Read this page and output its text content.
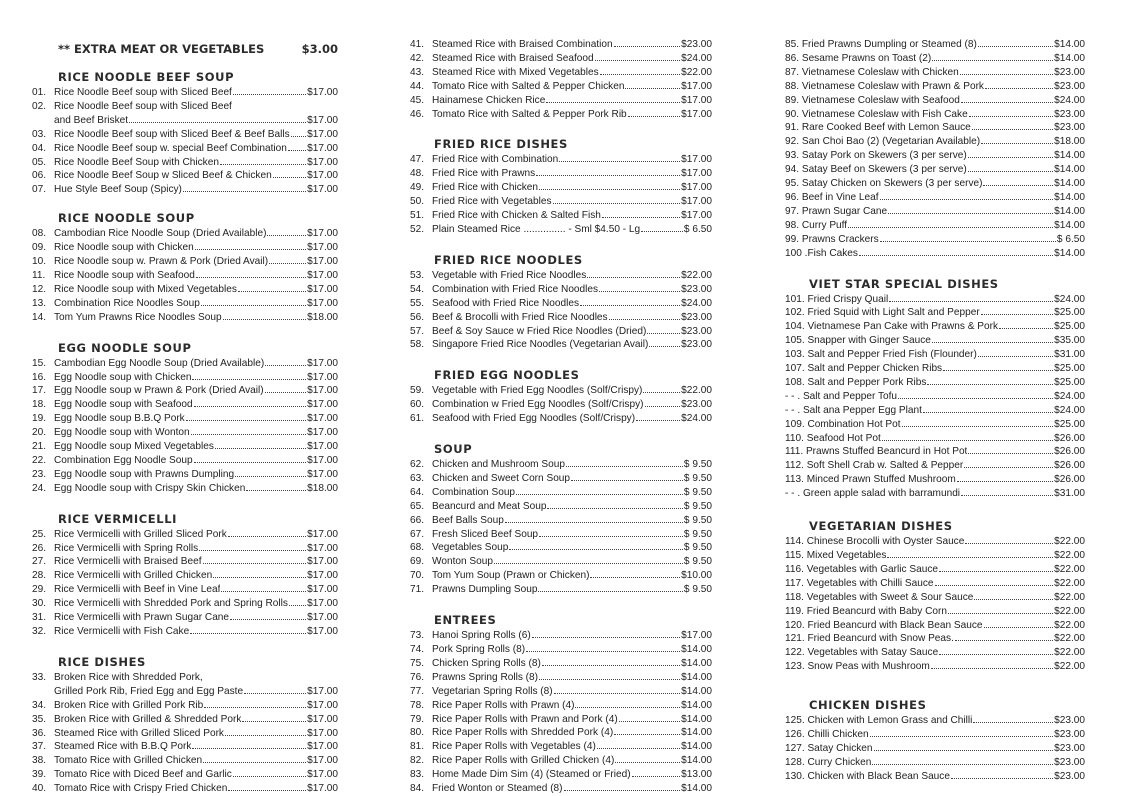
** EXTRA MEAT OR VEGETABLES	$3.00
RICE NOODLE BEEF SOUP
01. Rice Noodle Beef soup with Sliced Beef	$17.00
02. Rice Noodle Beef soup with Sliced Beef
and Beef Brisket	$17.00
03. Rice Noodle Beef soup with Sliced Beef & Beef Balls $17.00
04. Rice Noodle Beef soup w. special Beef Combination $17.00
05. Rice Noodle Beef Soup with Chicken	$17.00
06. Rice Noodle Beef Soup w Sliced Beef & Chicken	$17.00
07. Hue Style Beef Soup (Spicy)	$17.00
RICE NOODLE SOUP
08. Cambodian Rice Noodle Soup (Dried Available)	$17.00
09. Rice Noodle soup with Chicken	$17.00
10. Rice Noodle soup w. Prawn & Pork (Dried Avail)	$17.00
11. Rice Noodle soup with Seafood	$17.00
12. Rice Noodle soup with Mixed Vegetables	$17.00
13. Combination Rice Noodles Soup	$17.00
14. Tom Yum Prawns Rice Noodles Soup	$18.00
EGG NOODLE SOUP
15. Cambodian Egg Noodle Soup (Dried Available)	$17.00
16. Egg Noodle soup with Chicken	$17.00
17. Egg Noodle soup w Prawn & Pork (Dried Avail)	$17.00
18. Egg Noodle soup with Seafood	$17.00
19. Egg Noodle soup B.B.Q Pork	$17.00
20. Egg Noodle soup with Wonton	$17.00
21. Egg Noodle soup Mixed Vegetables	$17.00
22. Combination Egg Noodle Soup	$17.00
23. Egg Noodle soup with Prawns Dumpling	$17.00
24. Egg Noodle soup with Crispy Skin Chicken	$18.00
RICE VERMICELLI
25. Rice Vermicelli with Grilled Sliced Pork	$17.00
26. Rice Vermicelli with Spring Rolls	$17.00
27. Rice Vermicelli with Braised Beef	$17.00
28. Rice Vermicelli with Grilled Chicken	$17.00
29. Rice Vermicelli with Beef in Vine Leaf	$17.00
30. Rice Vermicelli with Shredded Pork and Spring Rolls $17.00
31. Rice Vermicelli with Prawn Sugar Cane	$17.00
32. Rice Vermicelli with Fish Cake	$17.00
RICE DISHES
33. Broken Rice with Shredded Pork,
Grilled Pork Rib, Fried Egg and Egg Paste	$17.00
34. Broken Rice with Grilled Pork Rib	$17.00
35. Broken Rice with Grilled & Shredded Pork	$17.00
36. Steamed Rice with Grilled Sliced Pork	$17.00
37. Steamed Rice with B.B.Q Pork	$17.00
38. Tomato Rice with Grilled Chicken	$17.00
39. Tomato Rice with Diced Beef and Garlic	$17.00
40. Tomato Rice with Crispy Fried Chicken	$17.00
41. Steamed Rice with Braised Combination	$23.00
42. Steamed Rice with Braised Seafood	$24.00
43. Steamed Rice with Mixed Vegetables	$22.00
44. Tomato Rice with Salted & Pepper Chicken	$17.00
45. Hainamese Chicken Rice	$17.00
46. Tomato Rice with Salted & Pepper Pork Rib	$17.00
FRIED RICE DISHES
47. Fried Rice with Combination	$17.00
48. Fried Rice with Prawns	$17.00
49. Fried Rice with Chicken	$17.00
50. Fried Rice with Vegetables	$17.00
51. Fried Rice with Chicken & Salted Fish	$17.00
52. Plain Steamed Rice ............... - Sml $4.50 - Lg	$ 6.50
FRIED RICE NOODLES
53. Vegetable with Fried Rice Noodles	$22.00
54. Combination with Fried Rice Noodles	$23.00
55. Seafood with Fried Rice Noodles	$24.00
56. Beef & Brocolli with Fried Rice Noodles	$23.00
57. Beef & Soy Sauce w Fried Rice Noodles (Dried)	$23.00
58. Singapore Fried Rice Noodles (Vegetarian Avail)	$23.00
FRIED EGG NOODLES
59. Vegetable with Fried Egg Noodles (Solf/Crispy)	$22.00
60. Combination w Fried Egg Noodles (Solf/Crispy)	$23.00
61. Seafood with Fried Egg Noodles (Solf/Crispy)	$24.00
SOUP
62. Chicken and Mushroom Soup	$ 9.50
63. Chicken and Sweet Corn Soup	$ 9.50
64. Combination Soup	$ 9.50
65. Beancurd and Meat Soup	$ 9.50
66. Beef Balls Soup	$ 9.50
67. Fresh Sliced Beef Soup	$ 9.50
68. Vegetables Soup	$ 9.50
69. Wonton Soup	$ 9.50
70. Tom Yum Soup (Prawn or Chicken)	$10.00
71. Prawns Dumpling Soup	$ 9.50
ENTREES
73. Hanoi Spring Rolls (6)	$17.00
74. Pork Spring Rolls (8)	$14.00
75. Chicken Spring Rolls (8)	$14.00
76. Prawns Spring Rolls (8)	$14.00
77. Vegetarian Spring Rolls (8)	$14.00
78. Rice Paper Rolls with Prawn (4)	$14.00
79. Rice Paper Rolls with Prawn and Pork (4)	$14.00
80. Rice Paper Rolls with Shredded Pork (4)	$14.00
81. Rice Paper Rolls with Vegetables (4)	$14.00
82. Rice Paper Rolls with Grilled Chicken (4)	$14.00
83. Home Made Dim Sim (4) (Steamed or Fried)	$13.00
84. Fried Wonton or Steamed (8)	$14.00
85. Fried Prawns Dumpling or Steamed (8)	$14.00
86. Sesame Prawns on Toast (2)	$14.00
87. Vietnamese Coleslaw with Chicken	$23.00
88. Vietnamese Coleslaw with Prawn & Pork	$23.00
89. Vietnamese Coleslaw with Seafood	$24.00
90. Vietnamese Coleslaw with Fish Cake	$23.00
91. Rare Cooked Beef with Lemon Sauce	$23.00
92. San Choi Bao (2) (Vegetarian Available)	$18.00
93. Satay Pork on Skewers (3 per serve)	$14.00
94. Satay Beef on Skewers (3 per serve)	$14.00
95. Satay Chicken on Skewers (3 per serve)	$14.00
96. Beef in Vine Leaf	$14.00
97. Prawn Sugar Cane	$14.00
98. Curry Puff	$14.00
99. Prawns Crackers	$ 6.50
100 .Fish Cakes	$14.00
VIET STAR SPECIAL DISHES
101. Fried Crispy Quail	$24.00
102. Fried Squid with Light Salt and Pepper	$25.00
104. Vietnamese Pan Cake with Prawns & Pork	$25.00
105. Snapper with Ginger Sauce	$35.00
103. Salt and Pepper Fried Fish (Flounder)	$31.00
107. Salt and Pepper Chicken Ribs	$25.00
108. Salt and Pepper Pork Ribs	$25.00
- - . Salt and Pepper Tofu	$24.00
- - . Salt ana Pepper Egg Plant	$24.00
109. Combination Hot Pot	$25.00
110. Seafood Hot Pot	$26.00
111. Prawns Stuffed Beancurd in Hot Pot	$26.00
112. Soft Shell Crab w. Salted & Pepper	$26.00
113. Minced Prawn Stuffed Mushroom	$26.00
- - . Green apple salad with barramundi	$31.00
VEGETARIAN DISHES
114. Chinese Brocolli with Oyster Sauce	$22.00
115. Mixed Vegetables	$22.00
116. Vegetables with Garlic Sauce	$22.00
117. Vegetables with Chilli Sauce	$22.00
118. Vegetables with Sweet & Sour Sauce	$22.00
119. Fried Beancurd with Baby Corn	$22.00
120. Fried Beancurd with Black Bean Sauce	$22.00
121. Fried Beancurd with Snow Peas.	$22.00
122. Vegetables with Satay Sauce	$22.00
123. Snow Peas with Mushroom	$22.00
CHICKEN DISHES
125. Chicken with Lemon Grass and Chilli	$23.00
126. Chilli Chicken	$23.00
127. Satay Chicken	$23.00
128. Curry Chicken	$23.00
130. Chicken with Black Bean Sauce	$23.00
